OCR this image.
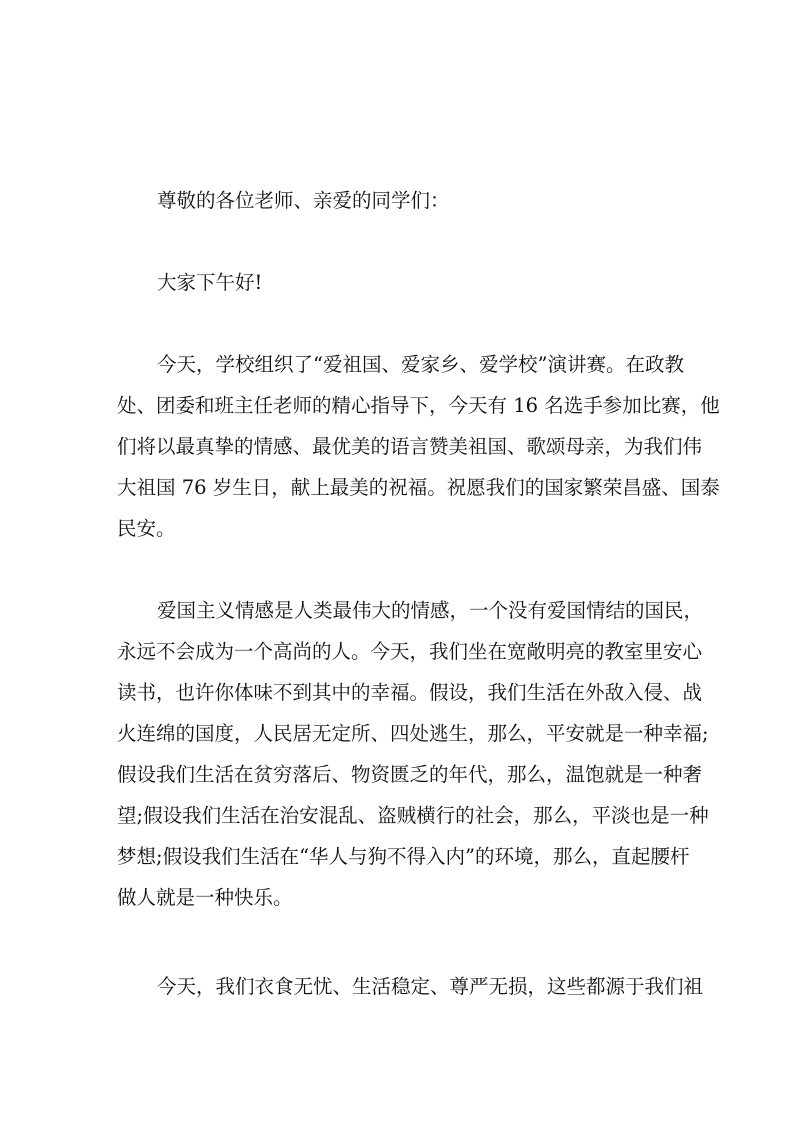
尊敬的各位老师、亲爱的同学们：
大家下午好!
今天，学校组织了“爱祖国、爱家乡、爱学校”演讲赛。在政教
处、团委和班主任老师的精心指导下，今天有 16 名选手参加比赛，他
们将以最真挚的情感、最优美的语言赞美祖国、歌颂母亲，为我们伟
大祖国 76 岁生日，献上最美的祝福。祝愿我们的国家繁荣昌盛、国泰
民安。
爱国主义情感是人类最伟大的情感，一个没有爱国情结的国民，
永远不会成为一个高尚的人。今天，我们坐在宽敞明亮的教室里安心
读书，也许你体味不到其中的幸福。假设，我们生活在外敌入侵、战
火连绵的国度，人民居无定所、四处逃生，那么，平安就是一种幸福;
假设我们生活在贫穷落后、物资匮乏的年代，那么，温饱就是一种奢
望;假设我们生活在治安混乱、盗贼横行的社会，那么，平淡也是一种
梦想;假设我们生活在“华人与狗不得入内”的环境，那么，直起腰杆
做人就是一种快乐。
今天，我们衣食无忧、生活稳定、尊严无损，这些都源于我们祖
